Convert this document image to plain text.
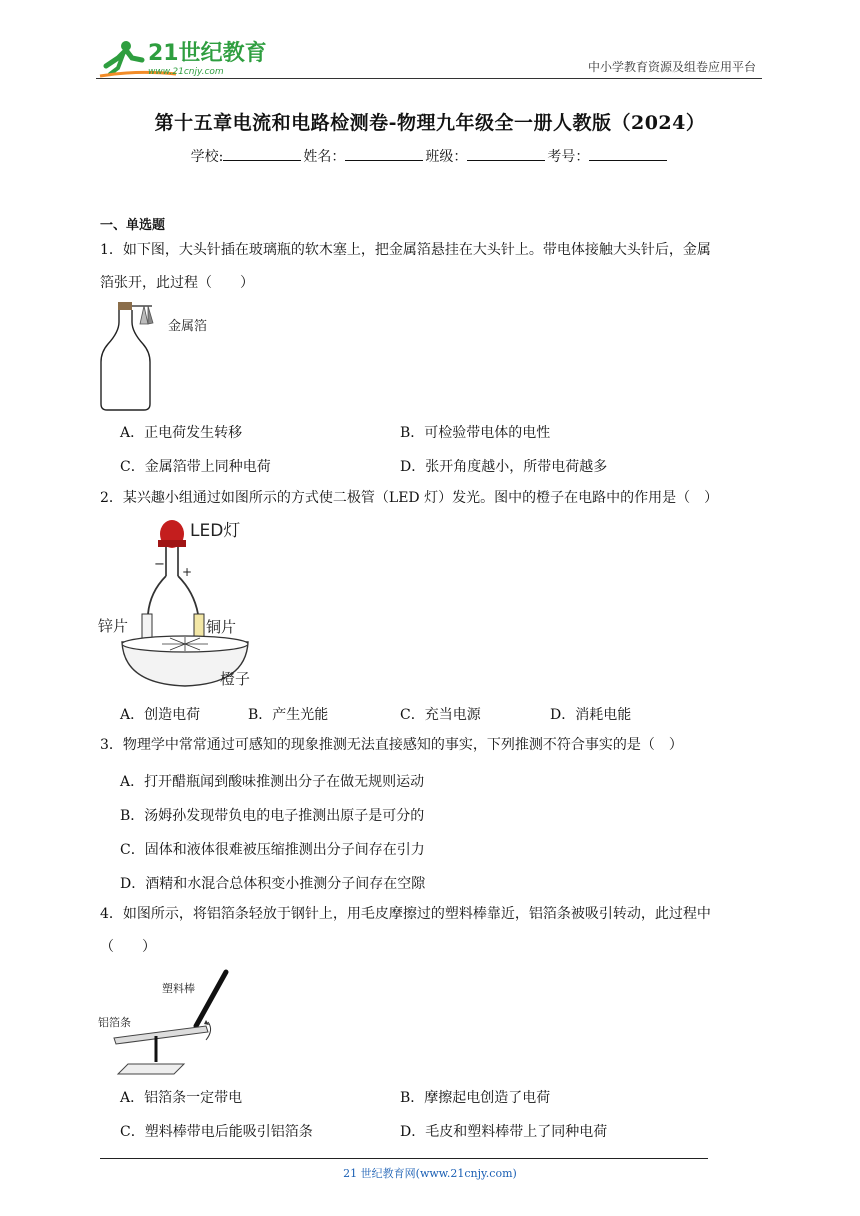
21世纪教育
www.21cnjy.com	中小学教育资源及组卷应用平台
第十五章电流和电路检测卷-物理九年级全一册人教版（2024）
学校:	姓名：	班级：	考号：
一、单选题
1．如下图，大头针插在玻璃瓶的软木塞上，把金属箔悬挂在大头针上。带电体接触大头针后，金属
箔张开，此过程（　　）
金属箔
A．正电荷发生转移	B．可检验带电体的电性
C．金属箔带上同种电荷	D．张开角度越小，所带电荷越多
2．某兴趣小组通过如图所示的方式使二极管（LED 灯）发光。图中的橙子在电路中的作用是（　）
− +
LED灯
锌片	铜片
橙子
A．创造电荷	B．产生光能	C．充当电源	D．消耗电能
3．物理学中常常通过可感知的现象推测无法直接感知的事实，下列推测不符合事实的是（　）
A．打开醋瓶闻到酸味推测出分子在做无规则运动
B．汤姆孙发现带负电的电子推测出原子是可分的
C．固体和液体很难被压缩推测出分子间存在引力
D．酒精和水混合总体积变小推测分子间存在空隙
4．如图所示，将铝箔条轻放于钢针上，用毛皮摩擦过的塑料棒靠近，铝箔条被吸引转动，此过程中
（　　）
塑料棒
铝箔条
A．铝箔条一定带电	B．摩擦起电创造了电荷
C．塑料棒带电后能吸引铝箔条	D．毛皮和塑料棒带上了同种电荷
21 世纪教育网(www.21cnjy.com)
